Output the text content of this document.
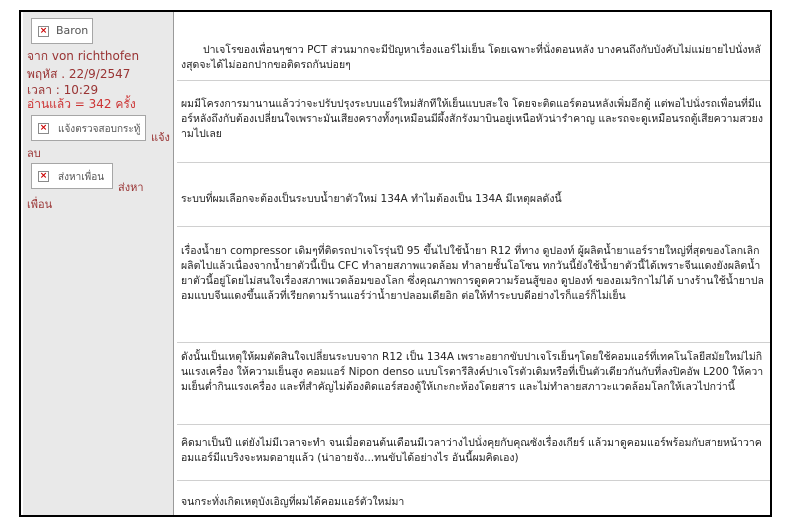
× Baron
จาก von richthofen
พฤหัส . 22/9/2547
เวลา : 10:29
อ่านแล้ว = 342 ครั้ง
× แจ้งตรวจสอบกระทู้
แจ้ง
ลบ
× ส่งหาเพื่อน
ส่งหา
เพื่อน

ปาเจโรของเพื่อนๆชาว PCT ส่วนมากจะมีปัญหาเรื่องแอร์ไม่เย็น โดยเฉพาะที่นั่งตอนหลัง บางคนถึงกับบังคับไม่แม่ยายไปนั่งหลังสุดจะได้ไม่ออกปากขอติดรถกันบ่อยๆ

ผมมีโครงการมานานแล้วว่าจะปรับปรุงระบบแอร์ใหม่สักทีให้เย็นแบบสะใจ โดยจะติดแอร์ตอนหลังเพิ่มอีกตู้ แต่พอไปนั่งรถเพื่อนที่มีแอร์หลังถึงกับต้องเปลี่ยนใจเพราะมันเสียงครางทั้งๆเหมือนมีผึ้งสักรังมาบินอยู่เหนือหัวน่ารำคาญ และรถจะดูเหมือนรถตู้เสียความสวยงามไปเลย

ระบบที่ผมเลือกจะต้องเป็นระบบน้ำยาตัวใหม่ 134A ทำไมต้องเป็น 134A มีเหตุผลดังนี้

เรื่องน้ำยา compressor เดิมๆที่ติดรถปาเจโรรุ่นปี 95 ขึ้นไปใช้น้ำยา R12 ที่ทาง ดูปองท์ ผู้ผลิตน้ำยาแอร์รายใหญ่ที่สุดของโลกเลิกผลิตไปแล้วเนื่องจากน้ำยาตัวนี้เป็น CFC ทำลายสภาพแวดล้อม ทำลายชั้นโอโซน ทกวันนี้ยังใช้น้ำยาตัวนี้ได้เพราะจีนแดงยังผลิตน้ำยาตัวนี้อยู่โดยไม่สนใจเรื่องสภาพแวดล้อมของโลก ซึ่งคุณภาพการดูดความร้อนสู้ของ ดูปองท์ ของอเมริกาไม่ได้ บางร้านใช้น้ำยาปลอมแบบจีนแดงขึ้นแล้วที่เรียกตามร้านแอร์ว่าน้ำยาปลอมเดียอิก ต่อให้ทำระบบดีอย่างไรก็แอร์ก็ไม่เย็น

ดังนั้นเป็นเหตุให้ผมตัดสินใจเปลี่ยนระบบจาก R12 เป็น 134A เพราะอยากขับปาเจโรเย็นๆโดยใช้คอมแอร์ที่เทคโนโลยีสมัยใหม่ไม่กินแรงเครื่อง ให้ความเย็นสูง คอมแอร์ Nipon denso แบบโรตารีสิงค์ปาเจโรตัวเดิมหรือที่เป็นตัวเดียวกันกับที่ลงปิคอัพ L200 ให้ความเย็นต่ำกินแรงเครื่อง และที่สำคัญไม่ต้องติดแอร์สองตู้ให้เกะกะห้องโดยสาร และไม่ทำลายสภาวะแวดล้อมโลกให้เลวไปกว่านี้

คิดมาเป็นปี แต่ยังไม่มีเวลาจะทำ จนเมื่อตอนต้นเดือนมีเวลาว่างไปนั่งคุยกับคุณซังเรื่องเกียร์ แล้วมาดูคอมแอร์พร้อมกับสายหน้าวาคอมแอร์มีแบริงจะหมดอายุแล้ว (น่าอายจัง...ทนขับได้อย่างไร อันนี้ผมคิดเอง)

จนกระทั่งเกิดเหตุบังเอิญที่ผมได้คอมแอร์ตัวใหม่มา
